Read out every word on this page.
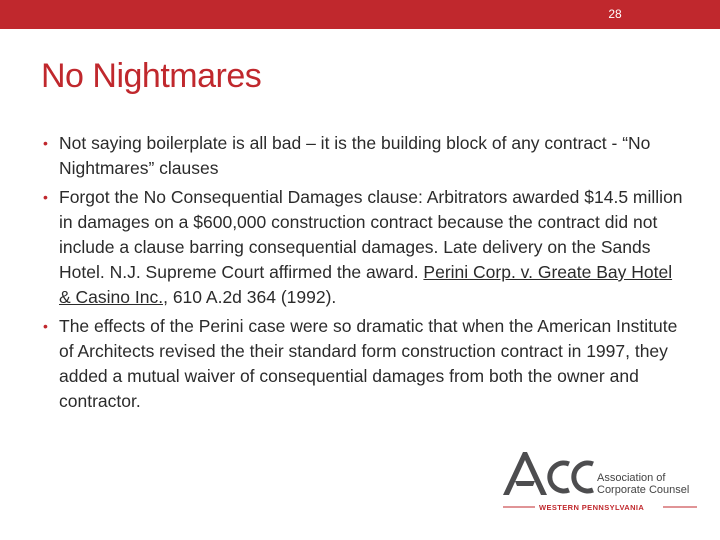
28
No Nightmares
• Not saying boilerplate is all bad – it is the building block of any contract - “No Nightmares” clauses
• Forgot the No Consequential Damages clause: Arbitrators awarded $14.5 million in damages on a $600,000 construction contract because the contract did not include a clause barring consequential damages. Late delivery on the Sands Hotel. N.J. Supreme Court affirmed the award. Perini Corp. v. Greate Bay Hotel & Casino Inc., 610 A.2d 364 (1992).
• The effects of the Perini case were so dramatic that when the American Institute of Architects revised the their standard form construction contract in 1997, they added a mutual waiver of consequential damages from both the owner and contractor.
Association of
Corporate Counsel
WESTERN PENNSYLVANIA
